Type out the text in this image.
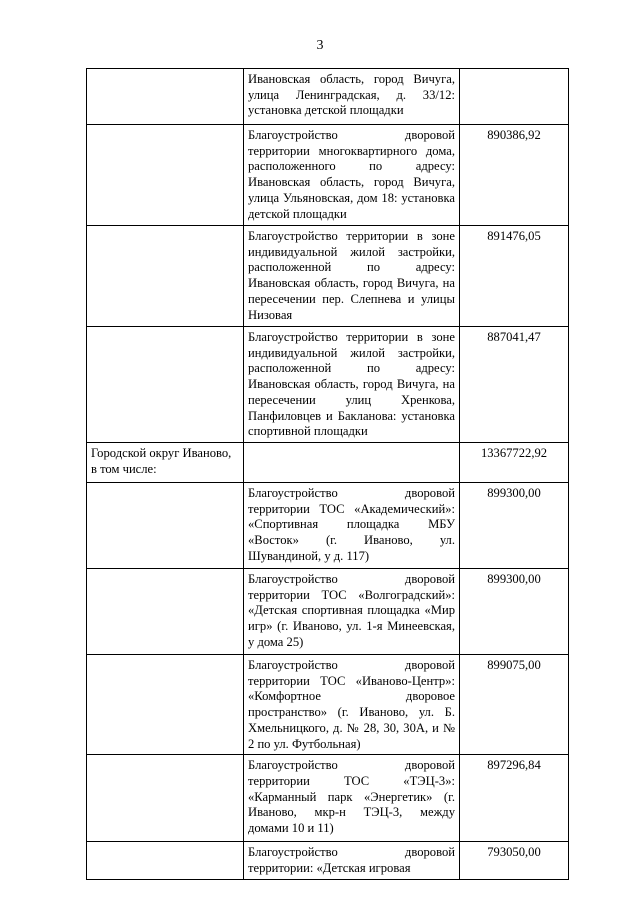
3
	Ивановская область, город Вичуга, улица Ленинградская, д. 33/12: установка детской площадки	
	Благоустройство дворовой территории многоквартирного дома, расположенного по адресу: Ивановская область, город Вичуга, улица Ульяновская, дом 18: установка детской площадки	890386,92
	Благоустройство территории в зоне индивидуальной жилой застройки, расположенной по адресу: Ивановская область, город Вичуга, на пересечении пер. Слепнева и улицы Низовая	891476,05
	Благоустройство территории в зоне индивидуальной жилой застройки, расположенной по адресу: Ивановская область, город Вичуга, на пересечении улиц Хренкова, Панфиловцев и Бакланова: установка спортивной площадки	887041,47
Городской округ Иваново, в том числе:		13367722,92
	Благоустройство дворовой территории ТОС «Академический»: «Спортивная площадка МБУ «Восток» (г. Иваново, ул. Шувандиной, у д. 117)	899300,00
	Благоустройство дворовой территории ТОС «Волгоградский»: «Детская спортивная площадка «Мир игр» (г. Иваново, ул. 1-я Минеевская, у дома 25)	899300,00
	Благоустройство дворовой территории ТОС «Иваново-Центр»: «Комфортное дворовое пространство» (г. Иваново, ул. Б. Хмельницкого, д. № 28, 30, 30А, и № 2 по ул. Футбольная)	899075,00
	Благоустройство дворовой территории ТОС «ТЭЦ-3»: «Карманный парк «Энергетик» (г. Иваново, мкр-н ТЭЦ-3, между домами 10 и 11)	897296,84
	Благоустройство дворовой территории: «Детская игровая	793050,00
